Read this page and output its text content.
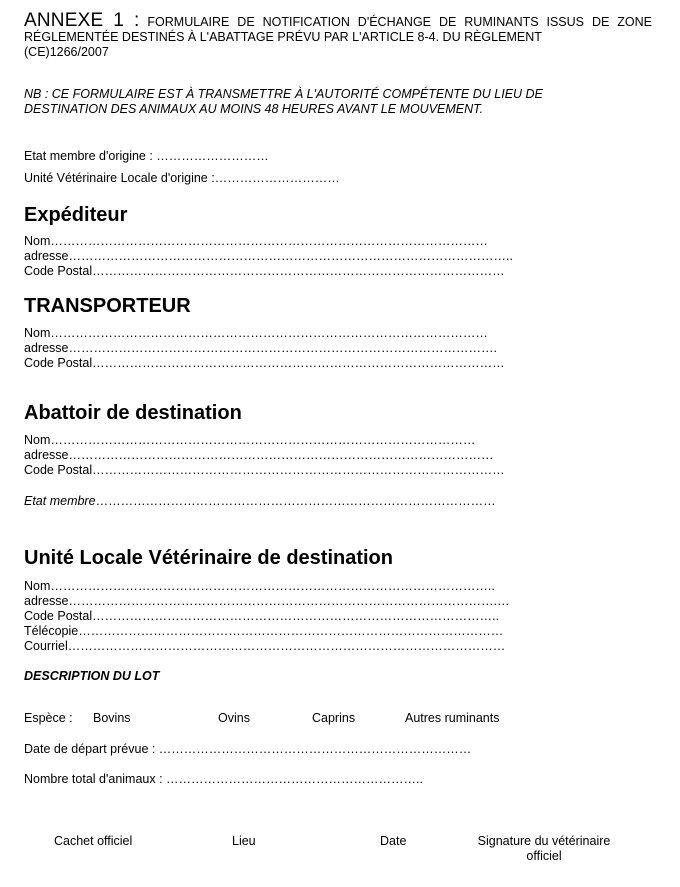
ANNEXE 1 : FORMULAIRE DE NOTIFICATION D'ÉCHANGE DE RUMINANTS ISSUS DE ZONE RÉGLEMENTÉE DESTINÉS À L'ABATTAGE PRÉVU PAR L'ARTICLE 8-4. DU RÈGLEMENT
(CE)1266/2007
NB : CE FORMULAIRE EST À TRANSMETTRE À L'AUTORITÉ COMPÉTENTE DU LIEU DE DESTINATION DES ANIMAUX AU MOINS 48 HEURES AVANT LE MOUVEMENT.
Etat membre d'origine : ………………………
Unité Vétérinaire Locale d'origine :…………………………
Expéditeur
Nom……………………………………………………………………………………………
adresse……………………………………………………………………………………………..
Code Postal………………………………………………………………………………………
TRANSPORTEUR
Nom……………………………………………………………………………………………
adresse………………………………………………………………………………………….
Code Postal………………………………………………………………………………………
Abattoir de destination
Nom…………………………………………………………………………………………
adresse…………………………………………………………………………………………
Code Postal………………………………………………………………………………………
Etat membre……………………………………………………………………………………
Unité Locale Vétérinaire de destination
Nom……………………………………………………………………………………………..
adresse………………………………………………………………………………………….…
Code Postal……………………………………………………………………………………..
Télécopie…………………………………………………………………………………………
Courriel……………………………………………………………………………………………
DESCRIPTION DU LOT
Espèce : Bovins	Ovins	Caprins	Autres ruminants
Date de départ prévue : …………………………………………………………………
Nombre total d'animaux : ……………………………………………………..
Cachet officiel	Lieu	Date	Signature du vétérinaire
officiel
